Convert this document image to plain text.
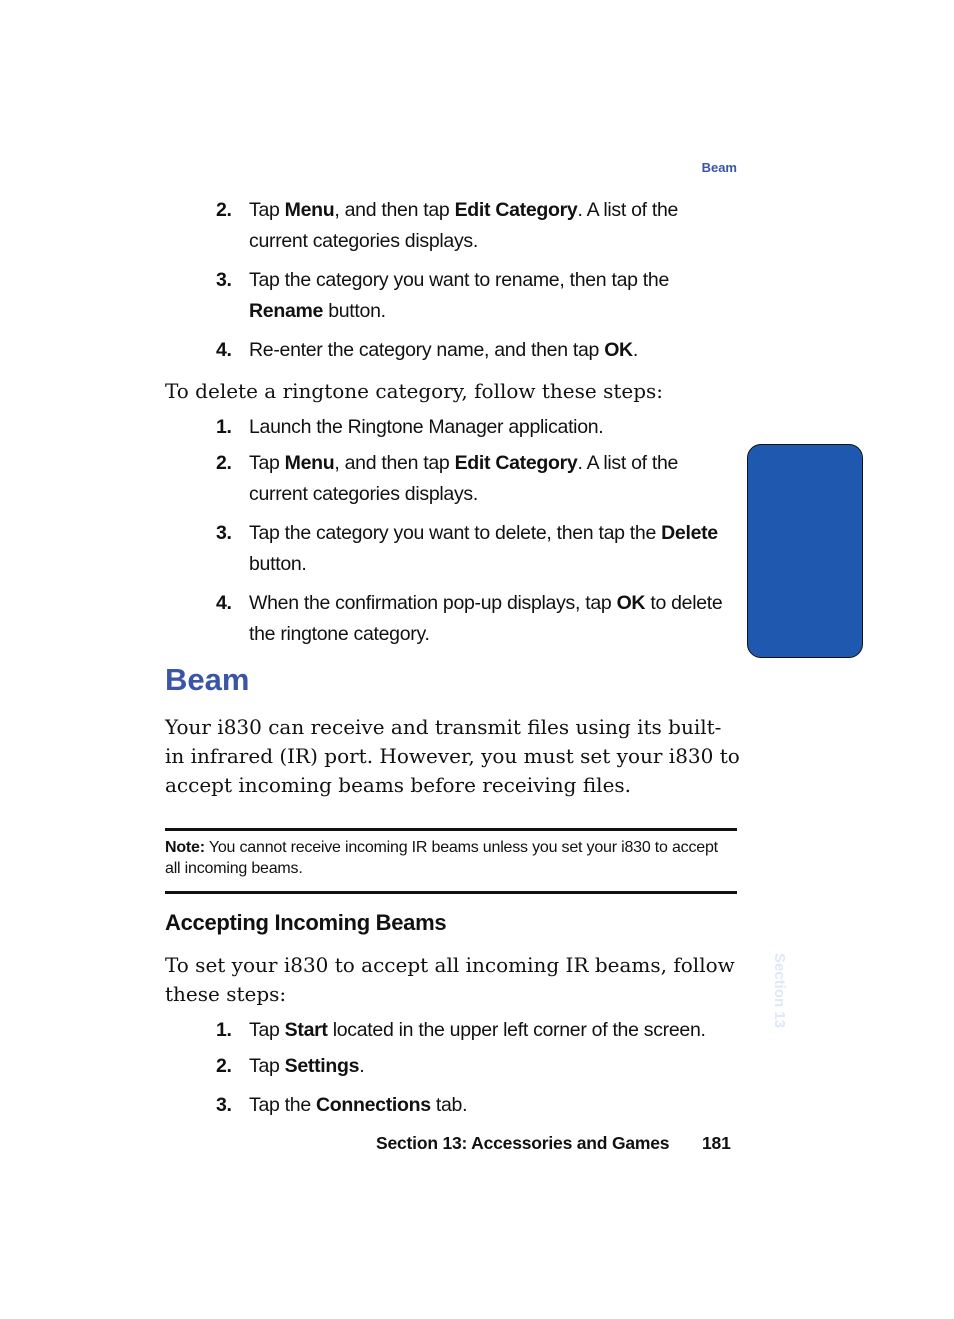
Beam
2. Tap Menu, and then tap Edit Category. A list of the current categories displays.
3. Tap the category you want to rename, then tap the Rename button.
4. Re-enter the category name, and then tap OK.
To delete a ringtone category, follow these steps:
1. Launch the Ringtone Manager application.
2. Tap Menu, and then tap Edit Category. A list of the current categories displays.
3. Tap the category you want to delete, then tap the Delete button.
4. When the confirmation pop-up displays, tap OK to delete the ringtone category.
Beam
Your i830 can receive and transmit files using its built-in infrared (IR) port. However, you must set your i830 to accept incoming beams before receiving files.
Note: You cannot receive incoming IR beams unless you set your i830 to accept all incoming beams.
Accepting Incoming Beams
To set your i830 to accept all incoming IR beams, follow these steps:
1. Tap Start located in the upper left corner of the screen.
2. Tap Settings.
3. Tap the Connections tab.
Section 13: Accessories and Games 181
Section 13
